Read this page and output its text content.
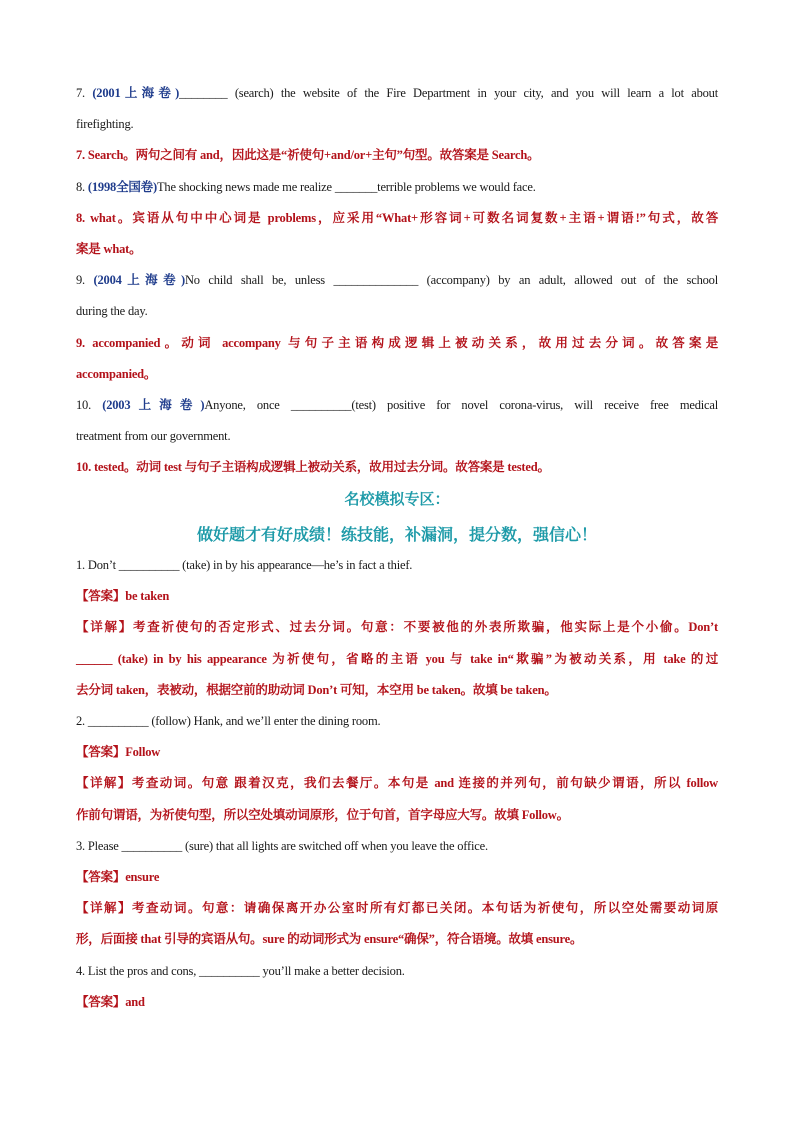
7. (2001上海卷)________ (search) the website of the Fire Department in your city, and you will learn a lot about

firefighting.

7. Search。两句之间有 and，因此这是“祈使句+and/or+主句”句型。故答案是 Search。

8. (1998全国卷)The shocking news made me realize _______terrible problems we would face.

8. what。宾语从句中中心词是 problems，应采用“What+形容词+可数名词复数+主语+谓语!”句式，故答

案是 what。

9. (2004上海卷)No child shall be, unless ______________ (accompany) by an adult, allowed out of the school

during the day.

9. accompanied。动词 accompany 与句子主语构成逻辑上被动关系，故用过去分词。故答案是

accompanied。

10. (2003上海卷)Anyone, once __________(test) positive for novel corona-virus, will receive free medical

treatment from our government.

10. tested。动词 test 与句子主语构成逻辑上被动关系，故用过去分词。故答案是 tested。

名校模拟专区：

做好题才有好成绩！练技能，补漏洞，提分数，强信心！

1. Don’t __________ (take) in by his appearance—he’s in fact a thief.

【答案】be taken

【详解】考查祈使句的否定形式、过去分词。句意：不要被他的外表所欺骗，他实际上是个小偷。Don’t

______ (take) in by his appearance 为祈使句，省略的主语 you 与 take in“欺骗”为被动关系，用 take 的过

去分词 taken，表被动，根据空前的助动词 Don’t 可知，本空用 be taken。故填 be taken。

2. __________ (follow) Hank, and we’ll enter the dining room.

【答案】Follow

【详解】考查动词。句意 跟着汉克，我们去餐厅。本句是 and 连接的并列句，前句缺少谓语，所以 follow

作前句谓语，为祈使句型，所以空处填动词原形，位于句首，首字母应大写。故填 Follow。

3. Please __________ (sure) that all lights are switched off when you leave the office.

【答案】ensure

【详解】考查动词。句意：请确保离开办公室时所有灯都已关闭。本句话为祈使句，所以空处需要动词原

形，后面接 that 引导的宾语从句。sure 的动词形式为 ensure“确保”，符合语境。故填 ensure。

4. List the pros and cons, __________ you’ll make a better decision.

【答案】and
